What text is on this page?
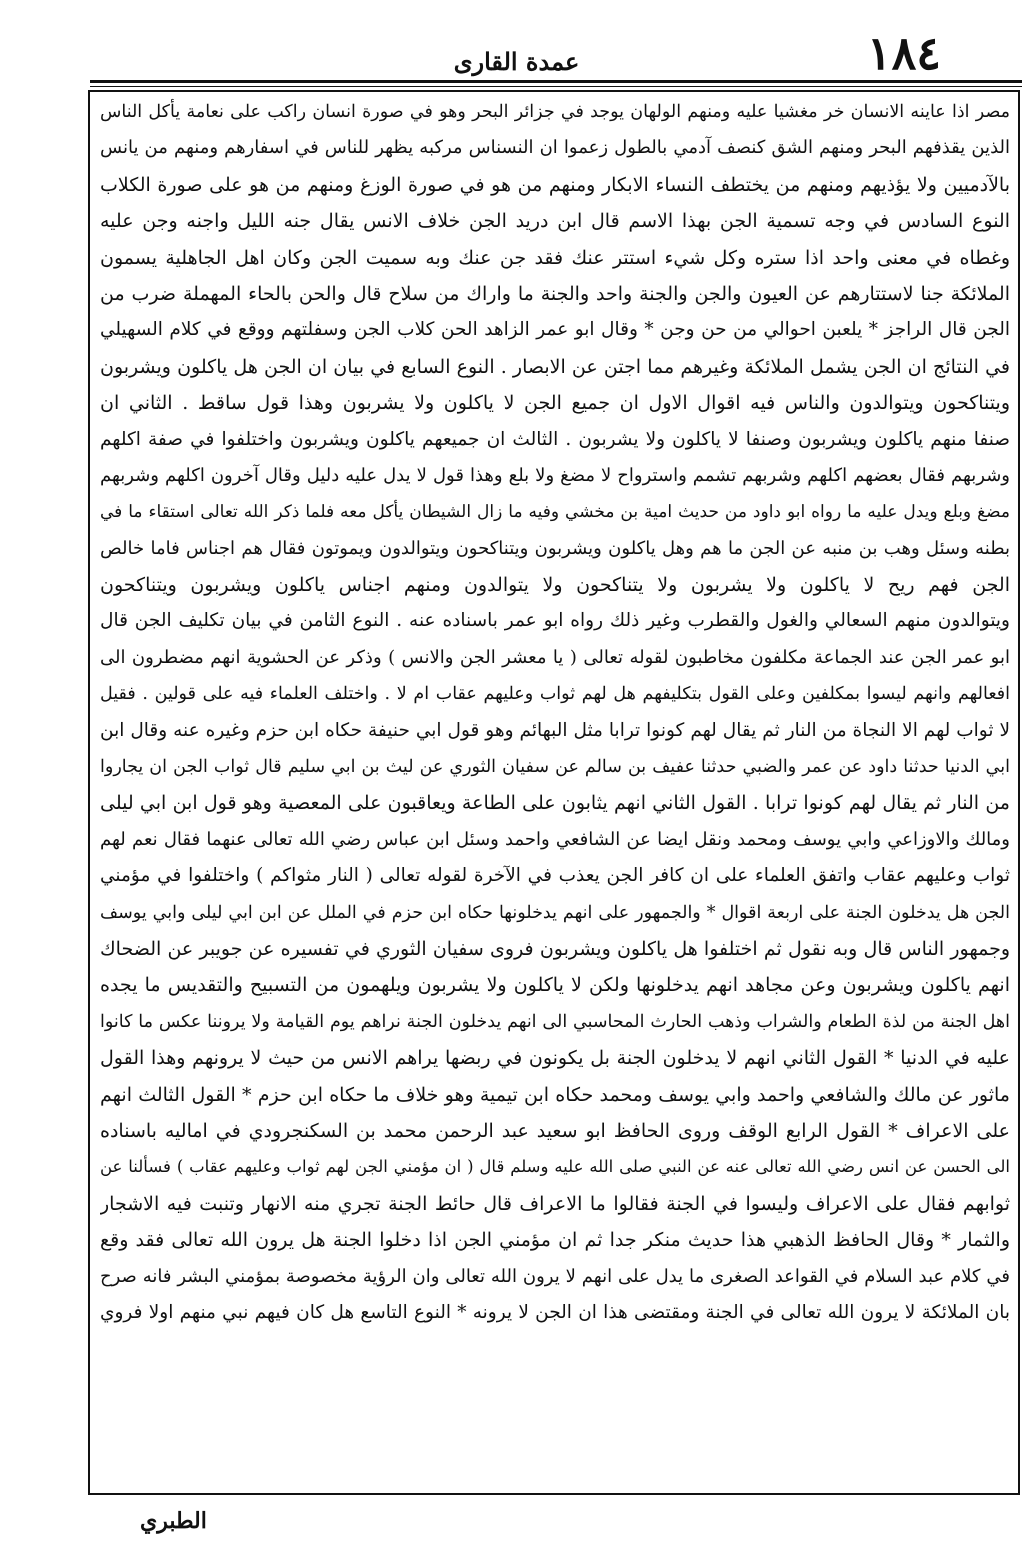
١٨٤
عمدة القاری
مصر اذا عاينه الانسان خر مغشيا عليه ومنهم الولهان يوجد في جزائر البحر وهو في صورة انسان راكب على نعامة يأكل الناس
الذين يقذفهم البحر ومنهم الشق كنصف آدمي بالطول زعموا ان النسناس مركبه يظهر للناس في اسفارهم ومنهم من يانس
بالآدميين ولا يؤذيهم ومنهم من يختطف النساء الابكار ومنهم من هو في صورة الوزغ ومنهم من هو على صورة الكلاب
النوع السادس في وجه تسمية الجن بهذا الاسم قال ابن دريد الجن خلاف الانس يقال جنه الليل واجنه وجن عليه
وغطاه في معنى واحد اذا ستره وكل شيء استتر عنك فقد جن عنك وبه سميت الجن وكان اهل الجاهلية يسمون
الملائكة جنا لاستتارهم عن العيون والجن والجنة واحد والجنة ما واراك من سلاح قال والحن بالحاء المهملة ضرب من
الجن قال الراجز * يلعبن احوالي من حن وجن * وقال ابو عمر الزاهد الحن كلاب الجن وسفلتهم ووقع في كلام السهيلي
في النتائج ان الجن يشمل الملائكة وغيرهم مما اجتن عن الابصار . النوع السابع في بيان ان الجن هل ياكلون ويشربون
ويتناكحون ويتوالدون والناس فيه اقوال الاول ان جميع الجن لا ياكلون ولا يشربون وهذا قول ساقط . الثاني ان
صنفا منهم ياكلون ويشربون وصنفا لا ياكلون ولا يشربون . الثالث ان جميعهم ياكلون ويشربون واختلفوا في صفة اكلهم
وشربهم فقال بعضهم اكلهم وشربهم تشمم واسترواح لا مضغ ولا بلع وهذا قول لا يدل عليه دليل وقال آخرون اكلهم وشربهم
مضغ وبلع ويدل عليه ما رواه ابو داود من حديث امية بن مخشي وفيه ما زال الشيطان يأكل معه فلما ذكر الله تعالى استقاء ما في
بطنه وسئل وهب بن منبه عن الجن ما هم وهل ياكلون ويشربون ويتناكحون ويتوالدون ويموتون فقال هم اجناس فاما خالص
الجن فهم ريح لا ياكلون ولا يشربون ولا يتناكحون ولا يتوالدون ومنهم اجناس ياكلون ويشربون ويتناكحون
ويتوالدون منهم السعالي والغول والقطرب وغير ذلك رواه ابو عمر باسناده عنه . النوع الثامن في بيان تكليف الجن قال
ابو عمر الجن عند الجماعة مكلفون مخاطبون لقوله تعالى ( يا معشر الجن والانس ) وذكر عن الحشوية انهم مضطرون الى
افعالهم وانهم ليسوا بمكلفين وعلى القول بتكليفهم هل لهم ثواب وعليهم عقاب ام لا . واختلف العلماء فيه على قولين . فقيل
لا ثواب لهم الا النجاة من النار ثم يقال لهم كونوا ترابا مثل البهائم وهو قول ابي حنيفة حكاه ابن حزم وغيره عنه وقال ابن
ابي الدنيا حدثنا داود عن عمر والضبي حدثنا عفيف بن سالم عن سفيان الثوري عن ليث بن ابي سليم قال ثواب الجن ان يجاروا
من النار ثم يقال لهم كونوا ترابا . القول الثاني انهم يثابون على الطاعة ويعاقبون على المعصية وهو قول ابن ابي ليلى
ومالك والاوزاعي وابي يوسف ومحمد ونقل ايضا عن الشافعي واحمد وسئل ابن عباس رضي الله تعالى عنهما فقال نعم لهم
ثواب وعليهم عقاب واتفق العلماء على ان كافر الجن يعذب في الآخرة لقوله تعالى ( النار مثواكم ) واختلفوا في مؤمني
الجن هل يدخلون الجنة على اربعة اقوال * والجمهور على انهم يدخلونها حكاه ابن حزم في الملل عن ابن ابي ليلى وابي يوسف
وجمهور الناس قال وبه نقول ثم اختلفوا هل ياكلون ويشربون فروى سفيان الثوري في تفسيره عن جويبر عن الضحاك
انهم ياكلون ويشربون وعن مجاهد انهم يدخلونها ولكن لا ياكلون ولا يشربون ويلهمون من التسبيح والتقديس ما يجده
اهل الجنة من لذة الطعام والشراب وذهب الحارث المحاسبي الى انهم يدخلون الجنة نراهم يوم القيامة ولا يروننا عكس ما كانوا
عليه في الدنيا * القول الثاني انهم لا يدخلون الجنة بل يكونون في ربضها يراهم الانس من حيث لا يرونهم وهذا القول
ماثور عن مالك والشافعي واحمد وابي يوسف ومحمد حكاه ابن تيمية وهو خلاف ما حكاه ابن حزم * القول الثالث انهم
على الاعراف * القول الرابع الوقف وروى الحافظ ابو سعيد عبد الرحمن محمد بن السكنجرودي في اماليه باسناده
الى الحسن عن انس رضي الله تعالى عنه عن النبي صلى الله عليه وسلم قال ( ان مؤمني الجن لهم ثواب وعليهم عقاب ) فسألنا عن
ثوابهم فقال على الاعراف وليسوا في الجنة فقالوا ما الاعراف قال حائط الجنة تجري منه الانهار وتنبت فيه الاشجار
والثمار * وقال الحافظ الذهبي هذا حديث منكر جدا ثم ان مؤمني الجن اذا دخلوا الجنة هل يرون الله تعالى فقد وقع
في كلام عبد السلام في القواعد الصغرى ما يدل على انهم لا يرون الله تعالى وان الرؤية مخصوصة بمؤمني البشر فانه صرح
بان الملائكة لا يرون الله تعالى في الجنة ومقتضى هذا ان الجن لا يرونه * النوع التاسع هل كان فيهم نبي منهم اولا فروي
الطبري
